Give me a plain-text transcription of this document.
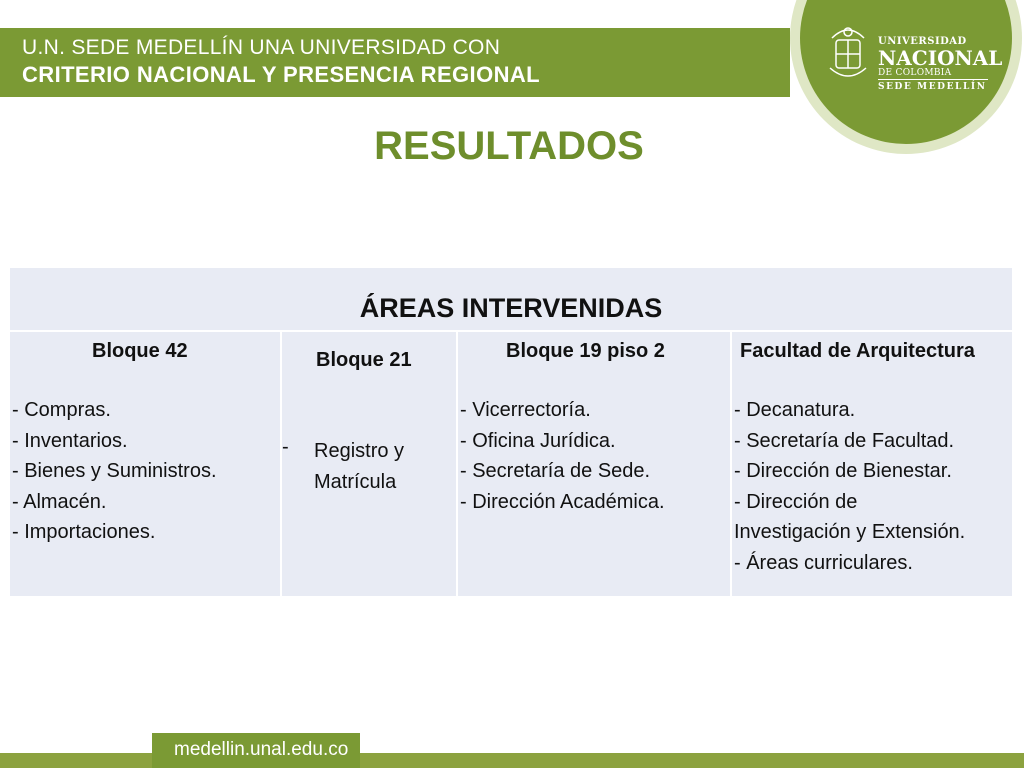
U.N. SEDE MEDELLÍN UNA UNIVERSIDAD CON
CRITERIO NACIONAL Y PRESENCIA REGIONAL
UNIVERSIDAD
NACIONAL
DE COLOMBIA
SEDE MEDELLÍN
RESULTADOS
ÁREAS INTERVENIDAS
Bloque 42
- Compras.
- Inventarios.
- Bienes y Suministros.
- Almacén.
- Importaciones.
Bloque 21
- Registro y
Matrícula
Bloque 19 piso 2
- Vicerrectoría.
- Oficina Jurídica.
- Secretaría de Sede.
- Dirección Académica.
Facultad de Arquitectura
- Decanatura.
- Secretaría de Facultad.
- Dirección de Bienestar.
- Dirección de
Investigación y Extensión.
- Áreas curriculares.
medellin.unal.edu.co
